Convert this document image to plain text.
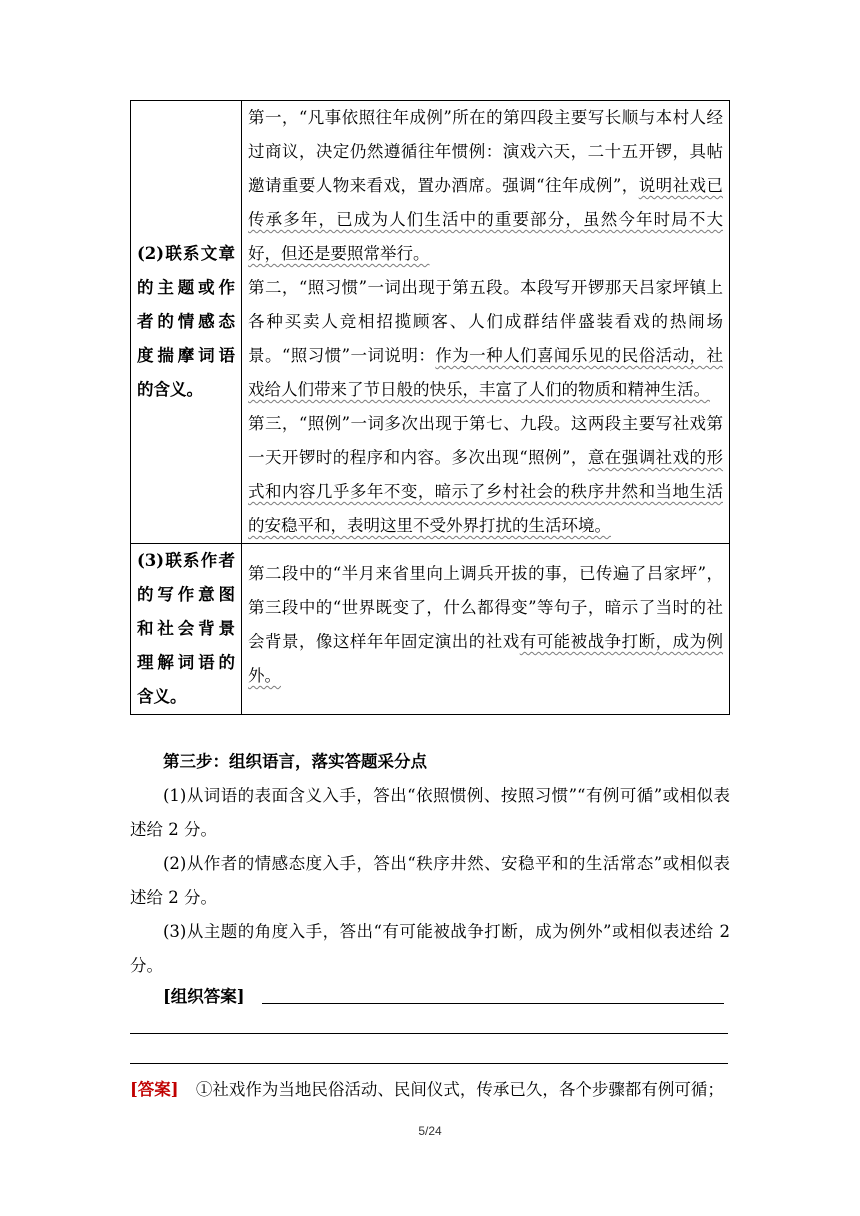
(2)联系文章的主题或作者的情感态度揣摩词语的含义。	第一，“凡事依照往年成例”所在的第四段主要写长顺与本村人经过商议，决定仍然遵循往年惯例：演戏六天，二十五开锣，具帖邀请重要人物来看戏，置办酒席。强调“往年成例”，说明社戏已传承多年，已成为人们生活中的重要部分，虽然今年时局不大好，但还是要照常举行。
第二，“照习惯”一词出现于第五段。本段写开锣那天吕家坪镇上各种买卖人竞相招揽顾客、人们成群结伴盛装看戏的热闹场景。“照习惯”一词说明：作为一种人们喜闻乐见的民俗活动，社戏给人们带来了节日般的快乐，丰富了人们的物质和精神生活。
第三，“照例”一词多次出现于第七、九段。这两段主要写社戏第一天开锣时的程序和内容。多次出现“照例”，意在强调社戏的形式和内容几乎多年不变，暗示了乡村社会的秩序井然和当地生活的安稳平和，表明这里不受外界打扰的生活环境。

(3)联系作者的写作意图和社会背景理解词语的含义。	第二段中的“半月来省里向上调兵开拔的事，已传遍了吕家坪”，第三段中的“世界既变了，什么都得变”等句子，暗示了当时的社会背景，像这样年年固定演出的社戏有可能被战争打断，成为例外。
第三步：组织语言，落实答题采分点

(1)从词语的表面含义入手，答出“依照惯例、按照习惯”“有例可循”或相似表述给 2 分。

(2)从作者的情感态度入手，答出“秩序井然、安稳平和的生活常态”或相似表述给 2 分。

(3)从主题的角度入手，答出“有可能被战争打断，成为例外”或相似表述给 2 分。

[组织答案]
[答案] ①社戏作为当地民俗活动、民间仪式，传承已久，各个步骤都有例可循；
5/24
